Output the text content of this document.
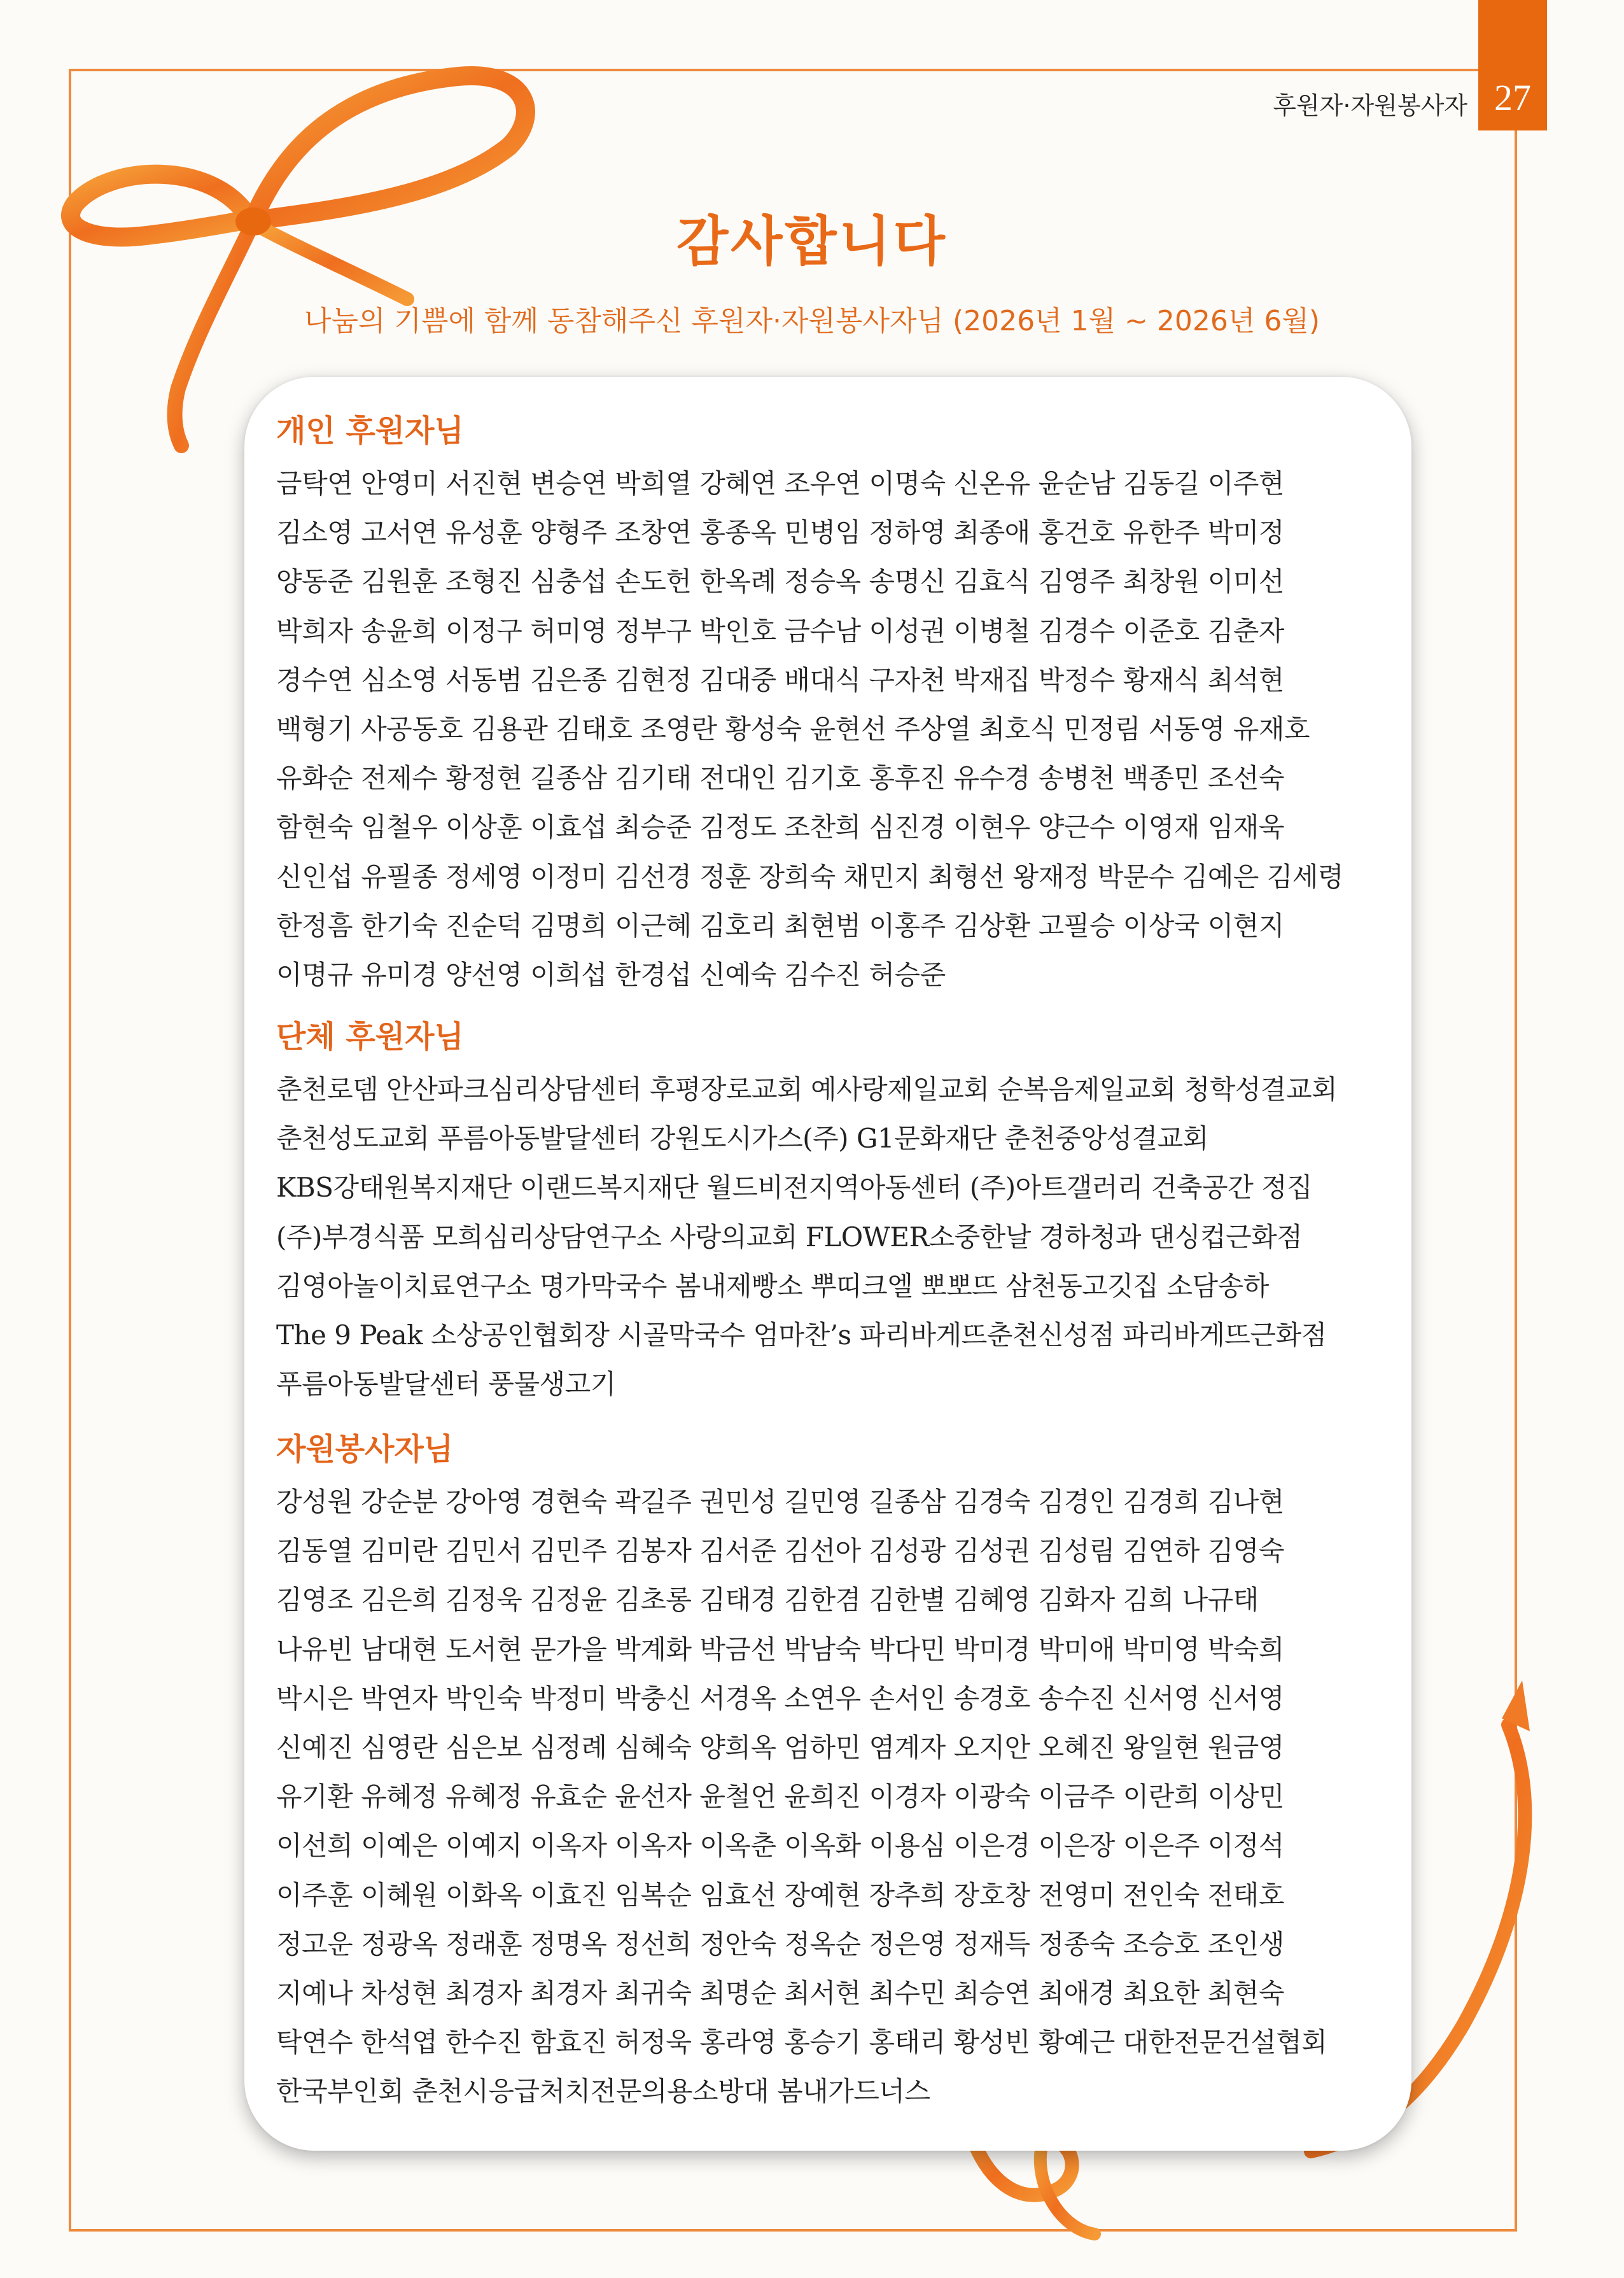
27
후원자·자원봉사자
감사합니다
나눔의 기쁨에 함께 동참해주신 후원자·자원봉사자님 (2026년 1월 ~ 2026년 6월)
개인 후원자님
금탁연 안영미 서진현 변승연 박희열 강혜연 조우연 이명숙 신온유 윤순남 김동길 이주현
김소영 고서연 유성훈 양형주 조창연 홍종옥 민병임 정하영 최종애 홍건호 유한주 박미정
양동준 김원훈 조형진 심충섭 손도헌 한옥례 정승옥 송명신 김효식 김영주 최창원 이미선
박희자 송윤희 이정구 허미영 정부구 박인호 금수남 이성권 이병철 김경수 이준호 김춘자
경수연 심소영 서동범 김은종 김현정 김대중 배대식 구자천 박재집 박정수 황재식 최석현
백형기 사공동호 김용관 김태호 조영란 황성숙 윤현선 주상열 최호식 민정림 서동영 유재호
유화순 전제수 황정현 길종삼 김기태 전대인 김기호 홍후진 유수경 송병천 백종민 조선숙
함현숙 임철우 이상훈 이효섭 최승준 김정도 조찬희 심진경 이현우 양근수 이영재 임재욱
신인섭 유필종 정세영 이정미 김선경 정훈 장희숙 채민지 최형선 왕재정 박문수 김예은 김세령
한정흠 한기숙 진순덕 김명희 이근혜 김호리 최현범 이홍주 김상환 고필승 이상국 이현지
이명규 유미경 양선영 이희섭 한경섭 신예숙 김수진 허승준
단체 후원자님
춘천로뎀 안산파크심리상담센터 후평장로교회 예사랑제일교회 순복음제일교회 청학성결교회
춘천성도교회 푸름아동발달센터 강원도시가스(주) G1문화재단 춘천중앙성결교회
KBS강태원복지재단 이랜드복지재단 월드비전지역아동센터 (주)아트갤러리 건축공간 정집
(주)부경식품 모희심리상담연구소 사랑의교회 FLOWER소중한날 경하청과 댄싱컵근화점
김영아놀이치료연구소 명가막국수 봄내제빵소 뿌띠크엘 뽀뽀뜨 삼천동고깃집 소담송하
The 9 Peak 소상공인협회장 시골막국수 엄마찬’s 파리바게뜨춘천신성점 파리바게뜨근화점
푸름아동발달센터 풍물생고기
자원봉사자님
강성원 강순분 강아영 경현숙 곽길주 권민성 길민영 길종삼 김경숙 김경인 김경희 김나현
김동열 김미란 김민서 김민주 김봉자 김서준 김선아 김성광 김성권 김성림 김연하 김영숙
김영조 김은희 김정욱 김정윤 김초롱 김태경 김한겸 김한별 김혜영 김화자 김희 나규태
나유빈 남대현 도서현 문가을 박계화 박금선 박남숙 박다민 박미경 박미애 박미영 박숙희
박시은 박연자 박인숙 박정미 박충신 서경옥 소연우 손서인 송경호 송수진 신서영 신서영
신예진 심영란 심은보 심정례 심혜숙 양희옥 엄하민 염계자 오지안 오혜진 왕일현 원금영
유기환 유혜정 유혜정 유효순 윤선자 윤철언 윤희진 이경자 이광숙 이금주 이란희 이상민
이선희 이예은 이예지 이옥자 이옥자 이옥춘 이옥화 이용심 이은경 이은장 이은주 이정석
이주훈 이혜원 이화옥 이효진 임복순 임효선 장예현 장추희 장호창 전영미 전인숙 전태호
정고운 정광옥 정래훈 정명옥 정선희 정안숙 정옥순 정은영 정재득 정종숙 조승호 조인생
지예나 차성현 최경자 최경자 최귀숙 최명순 최서현 최수민 최승연 최애경 최요한 최현숙
탁연수 한석엽 한수진 함효진 허정욱 홍라영 홍승기 홍태리 황성빈 황예근 대한전문건설협회
한국부인회 춘천시응급처치전문의용소방대 봄내가드너스
